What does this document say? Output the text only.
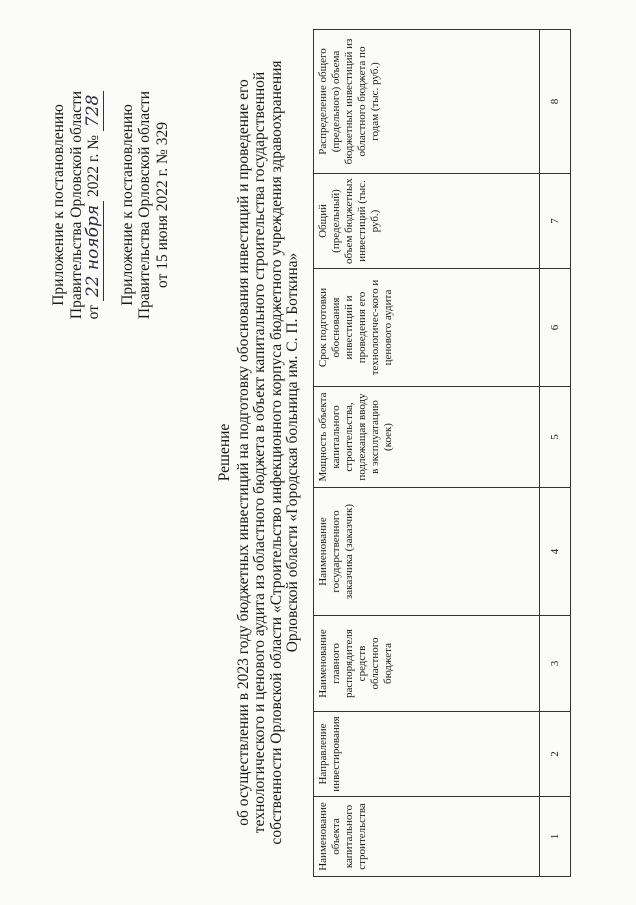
Приложение к постановлению Правительства Орловской области от 22 ноября 2022 г. № 728 Приложение к постановлению Правительства Орловской области от 15 июня 2022 г. № 329
Решение об осуществлении в 2023 году бюджетных инвестиций на подготовку обоснования инвестиций и проведение его технологического и ценового аудита из областного бюджета в объект капитального строительства государственной собственности Орловской области «Строительство инфекционного корпуса бюджетного учреждения здравоохранения Орловской области «Городская больница им. С. П. Боткина»
Наименование объекта капитального строительства	Направление инвестирования	Наименование главного распорядителя средств областного бюджета	Наименование государственного заказчика (заказчик)	Мощность объекта капитального строительства, подлежащая вводу в эксплуатацию (коек)	Срок подготовки обоснования инвестиций и проведения его технологичес-кого и ценового аудита	Общий (предельный) объем бюджетных инвестиций (тыс. руб.)	Распределение общего (предельного) объема бюджетных инвестиций из областного бюджета по годам (тыс. руб.)
1	2	3	4	5	6	7	8
